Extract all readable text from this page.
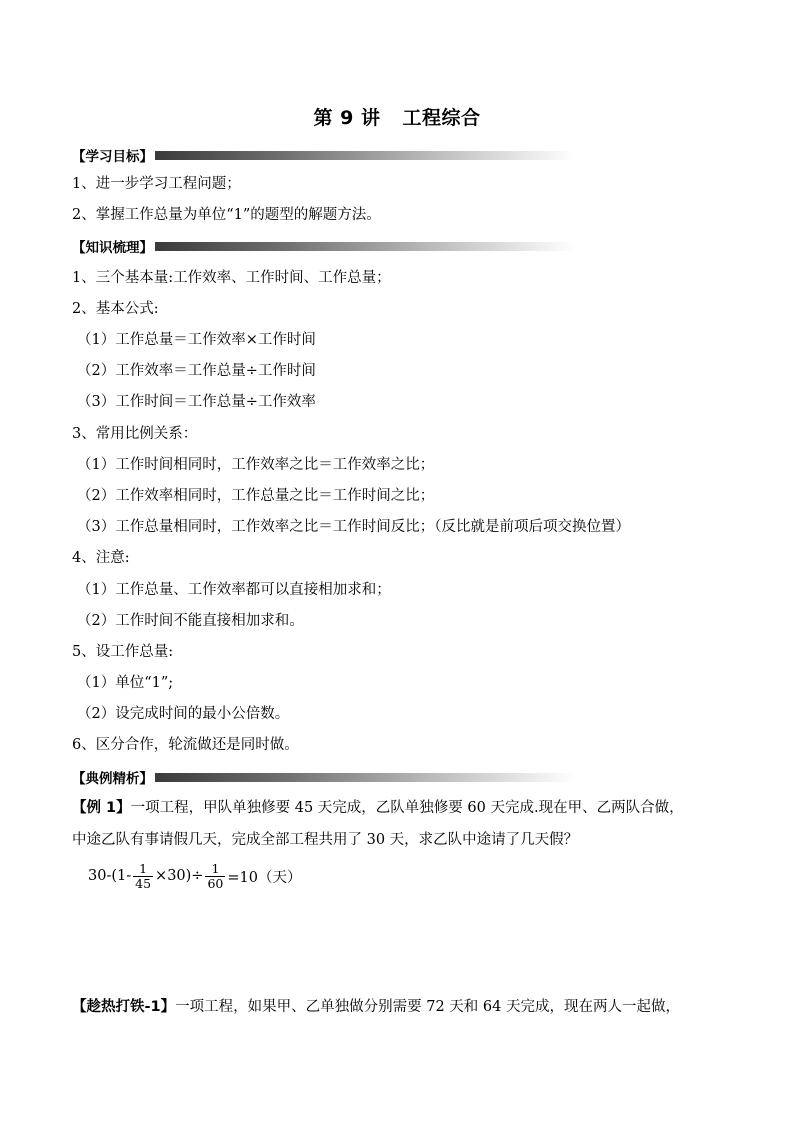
第 9 讲 工程综合
【学习目标】
1、进一步学习工程问题；
2、掌握工作总量为单位“1”的题型的解题方法。
【知识梳理】
1、三个基本量:工作效率、工作时间、工作总量；
2、基本公式:
（1）工作总量＝工作效率×工作时间
（2）工作效率＝工作总量÷工作时间
（3）工作时间＝工作总量÷工作效率
3、常用比例关系：
（1）工作时间相同时，工作效率之比＝工作效率之比；
（2）工作效率相同时，工作总量之比＝工作时间之比；
（3）工作总量相同时，工作效率之比＝工作时间反比；（反比就是前项后项交换位置）
4、注意:
（1）工作总量、工作效率都可以直接相加求和；
（2）工作时间不能直接相加求和。
5、设工作总量:
（1）单位“1”;
（2）设完成时间的最小公倍数。
6、区分合作，轮流做还是同时做。
【典例精析】
【例 1】一项工程，甲队单独修要 45 天完成，乙队单独修要 60 天完成.现在甲、乙两队合做，
中途乙队有事请假几天，完成全部工程共用了 30 天，求乙队中途请了几天假？
$30-(1- \frac{1}{45} \times 30)\div \frac{1}{60} =10$（天）
【趁热打铁-1】一项工程，如果甲、乙单独做分别需要 72 天和 64 天完成，现在两人一起做，
